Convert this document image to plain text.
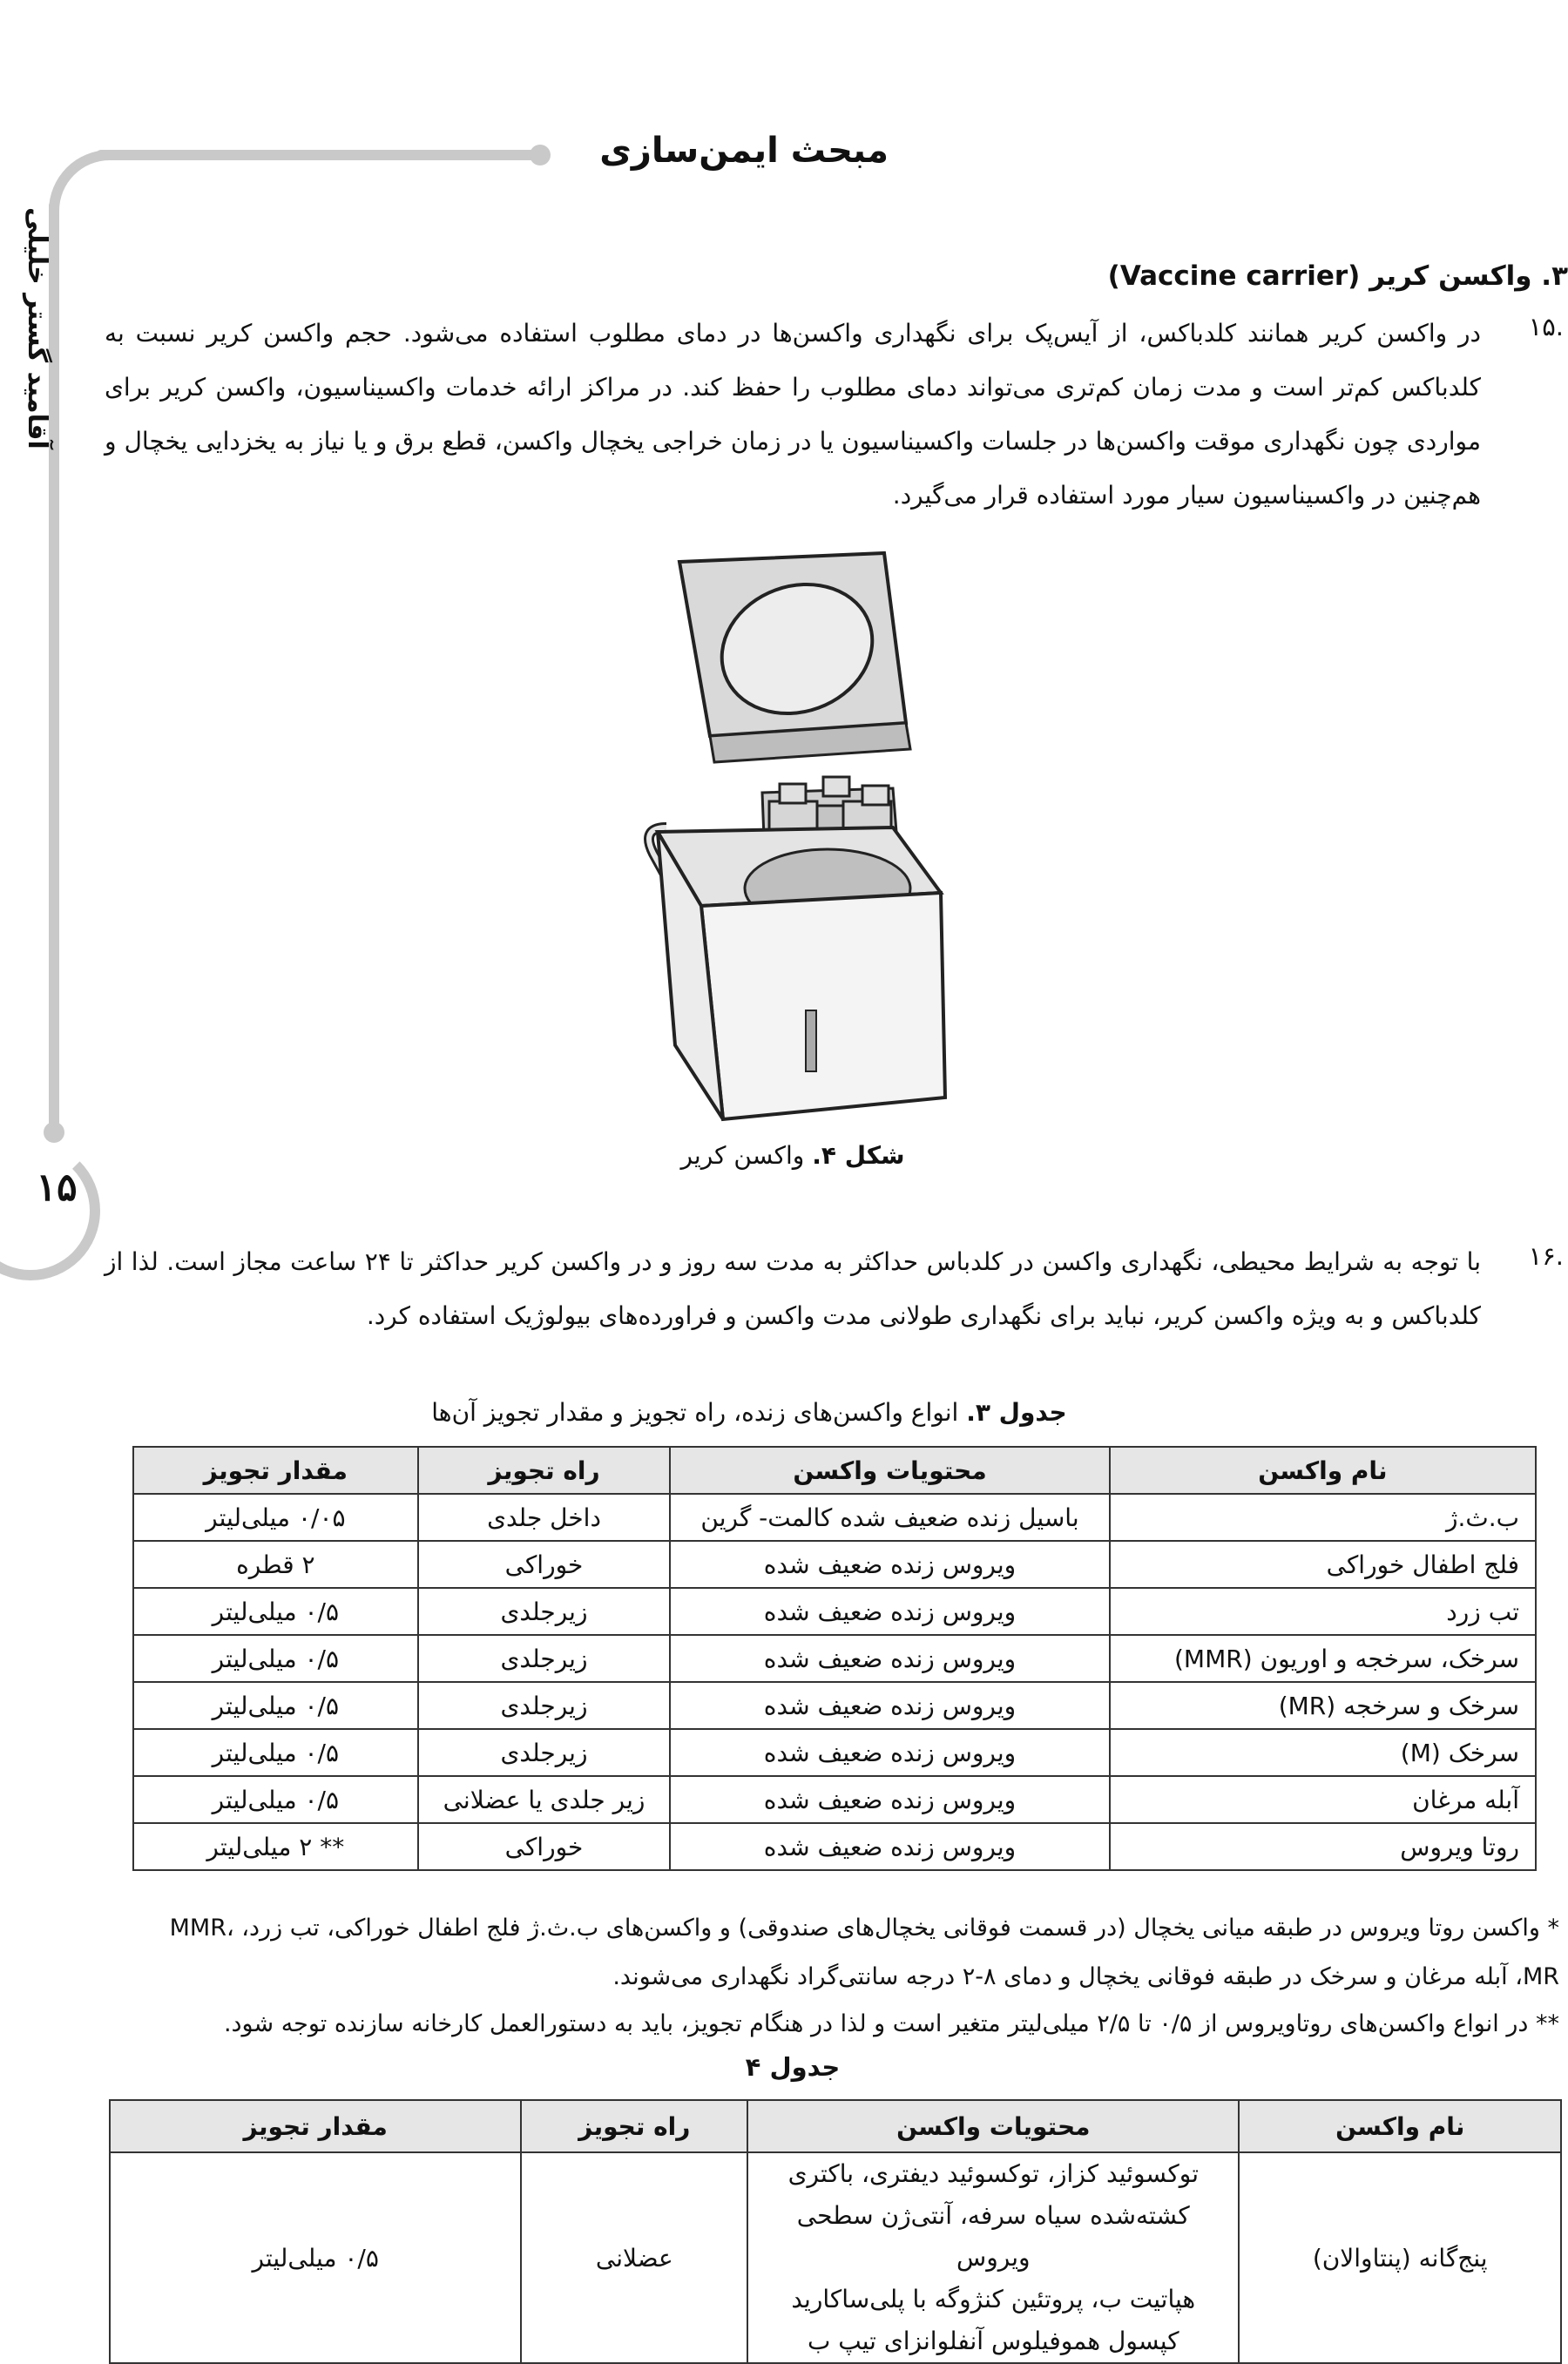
۱۵
آقامید گستر خلیلی
مبحث ایمن‌سازی
۳. واکسن کریر (Vaccine carrier)
۱۵.
در واکسن کریر همانند کلدباکس، از آیس‌پک برای نگهداری واکسن‌ها در دمای مطلوب استفاده می‌شود. حجم واکسن کریر نسبت به کلدباکس کم‌تر است و مدت زمان کم‌تری می‌تواند دمای مطلوب را حفظ کند. در مراکز ارائه خدمات واکسیناسیون، واکسن کریر برای مواردی چون نگهداری موقت واکسن‌ها در جلسات واکسیناسیون یا در زمان خراجی یخچال واکسن، قطع برق و یا نیاز به یخزدایی یخچال و هم‌چنین در واکسیناسیون سیار مورد استفاده قرار می‌گیرد.
شکل ۴. واکسن کریر
۱۶.
با توجه به شرایط محیطی، نگهداری واکسن در کلدباس حداکثر به مدت سه روز و در واکسن کریر حداکثر تا ۲۴ ساعت مجاز است. لذا از کلدباکس و به ویژه واکسن کریر، نباید برای نگهداری طولانی مدت واکسن و فراورده‌های بیولوژیک استفاده کرد.
جدول ۳. انواع واکسن‌های زنده، راه تجویز و مقدار تجویز آن‌ها
نام واکسن	محتویات واکسن	راه تجویز	مقدار تجویز
ب.ث.ژ	باسیل زنده ضعیف شده کالمت- گرین	داخل جلدی	۰/۰۵ میلی‌لیتر
فلج اطفال خوراکی	ویروس زنده ضعیف شده	خوراکی	۲ قطره
تب زرد	ویروس زنده ضعیف شده	زیرجلدی	۰/۵ میلی‌لیتر
سرخک، سرخجه و اوریون (MMR)	ویروس زنده ضعیف شده	زیرجلدی	۰/۵ میلی‌لیتر
سرخک و سرخجه (MR)	ویروس زنده ضعیف شده	زیرجلدی	۰/۵ میلی‌لیتر
سرخک (M)	ویروس زنده ضعیف شده	زیرجلدی	۰/۵ میلی‌لیتر
آبله مرغان	ویروس زنده ضعیف شده	زیر جلدی یا عضلانی	۰/۵ میلی‌لیتر
روتا ویروس	ویروس زنده ضعیف شده	خوراکی	** ۲ میلی‌لیتر
* واکسن روتا ویروس در طبقه میانی یخچال (در قسمت فوقانی یخچال‌های صندوقی) و واکسن‌های ب.ث.ژ فلج اطفال خوراکی، تب زرد، MMR، MR، آبله مرغان و سرخک در طبقه فوقانی یخچال و دمای ۸-۲ درجه سانتی‌گراد نگهداری می‌شوند.
** در انواع واکسن‌های روتاویروس از ۰/۵ تا ۲/۵ میلی‌لیتر متغیر است و لذا در هنگام تجویز، باید به دستورالعمل کارخانه سازنده توجه شود.
جدول ۴
نام واکسن	محتویات واکسن	راه تجویز	مقدار تجویز
پنج‌گانه (پنتاوالان)	توکسوئید کزاز، توکسوئید دیفتری، باکتری
کشته‌شده سیاه سرفه، آنتی‌ژن سطحی ویروس
هپاتیت ب، پروتئین کنژوگه با پلی‌ساکارید
کپسول هموفیلوس آنفلوانزای تیپ ب	عضلانی	۰/۵ میلی‌لیتر
